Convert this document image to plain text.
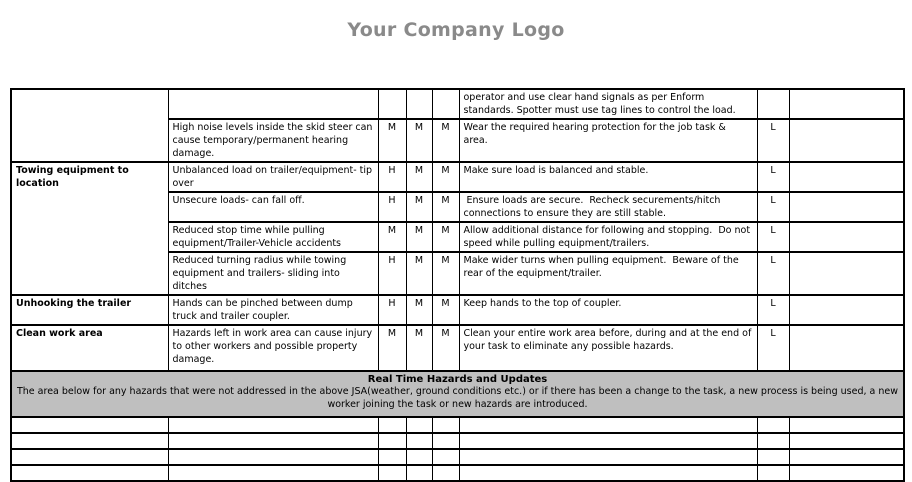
Your Company Logo
					operator and use clear hand signals as per Enform standards. Spotter must use tag lines to control the load.		
	High noise levels inside the skid steer can cause temporary/permanent hearing damage.	M	M	M	Wear the required hearing protection for the job task & area.	L	
Towing equipment to location	Unbalanced load on trailer/equipment- tip over	H	M	M	Make sure load is balanced and stable.	L	
	Unsecure loads- can fall off.	H	M	M	Ensure loads are secure.  Recheck securements/hitch connections to ensure they are still stable.	L	
	Reduced stop time while pulling equipment/Trailer-Vehicle accidents	M	M	M	Allow additional distance for following and stopping.  Do not speed while pulling equipment/trailers.	L	
	Reduced turning radius while towing equipment and trailers- sliding into ditches	H	M	M	Make wider turns when pulling equipment.  Beware of the rear of the equipment/trailer.	L	
Unhooking the trailer	Hands can be pinched between dump truck and trailer coupler.	H	M	M	Keep hands to the top of coupler.	L	
Clean work area	Hazards left in work area can cause injury to other workers and possible property damage.	M	M	M	Clean your entire work area before, during and at the end of your task to eliminate any possible hazards.	L	

Real Time Hazards and Updates
The area below for any hazards that were not addressed in the above JSA(weather, ground conditions etc.) or if there has been a change to the task, a new process is being used, a new worker joining the task or new hazards are introduced.							
